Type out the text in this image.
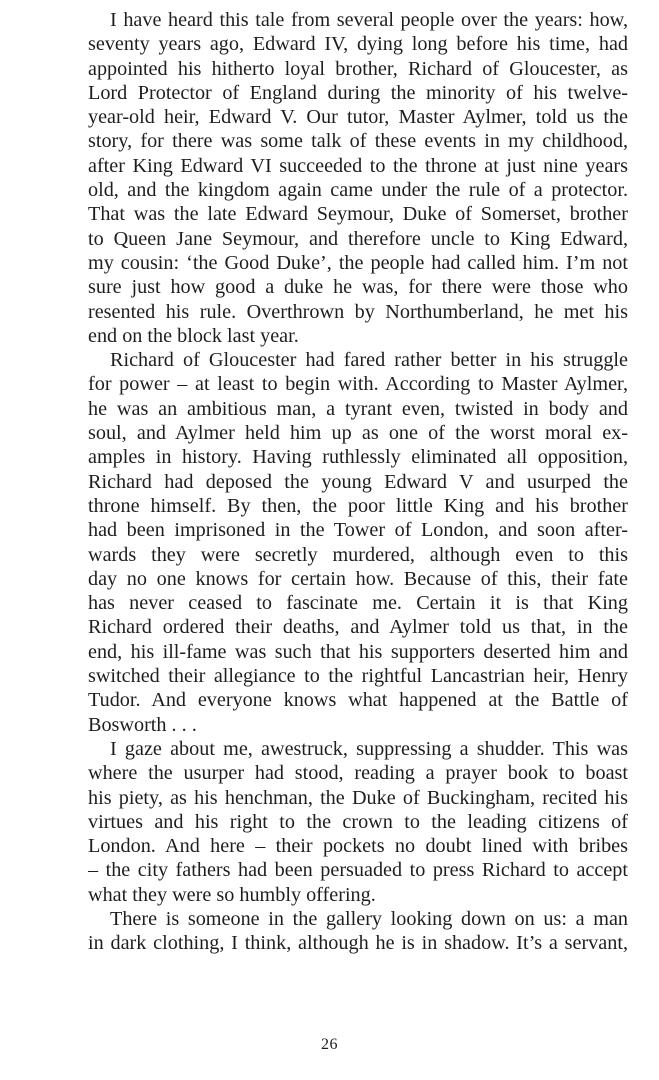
I have heard this tale from several people over the years: how,
seventy years ago, Edward IV, dying long before his time, had
appointed his hitherto loyal brother, Richard of Gloucester, as
Lord Protector of England during the minority of his twelve-
year-old heir, Edward V. Our tutor, Master Aylmer, told us the
story, for there was some talk of these events in my childhood,
after King Edward VI succeeded to the throne at just nine years
old, and the kingdom again came under the rule of a protector.
That was the late Edward Seymour, Duke of Somerset, brother
to Queen Jane Seymour, and therefore uncle to King Edward,
my cousin: ‘the Good Duke’, the people had called him. I’m not
sure just how good a duke he was, for there were those who
resented his rule. Overthrown by Northumberland, he met his
end on the block last year.
Richard of Gloucester had fared rather better in his struggle
for power – at least to begin with. According to Master Aylmer,
he was an ambitious man, a tyrant even, twisted in body and
soul, and Aylmer held him up as one of the worst moral ex-
amples in history. Having ruthlessly eliminated all opposition,
Richard had deposed the young Edward V and usurped the
throne himself. By then, the poor little King and his brother
had been imprisoned in the Tower of London, and soon after-
wards they were secretly murdered, although even to this
day no one knows for certain how. Because of this, their fate
has never ceased to fascinate me. Certain it is that King
Richard ordered their deaths, and Aylmer told us that, in the
end, his ill-fame was such that his supporters deserted him and
switched their allegiance to the rightful Lancastrian heir, Henry
Tudor. And everyone knows what happened at the Battle of
Bosworth . . .
I gaze about me, awestruck, suppressing a shudder. This was
where the usurper had stood, reading a prayer book to boast
his piety, as his henchman, the Duke of Buckingham, recited his
virtues and his right to the crown to the leading citizens of
London. And here – their pockets no doubt lined with bribes
– the city fathers had been persuaded to press Richard to accept
what they were so humbly offering.
There is someone in the gallery looking down on us: a man
in dark clothing, I think, although he is in shadow. It’s a servant,
26
